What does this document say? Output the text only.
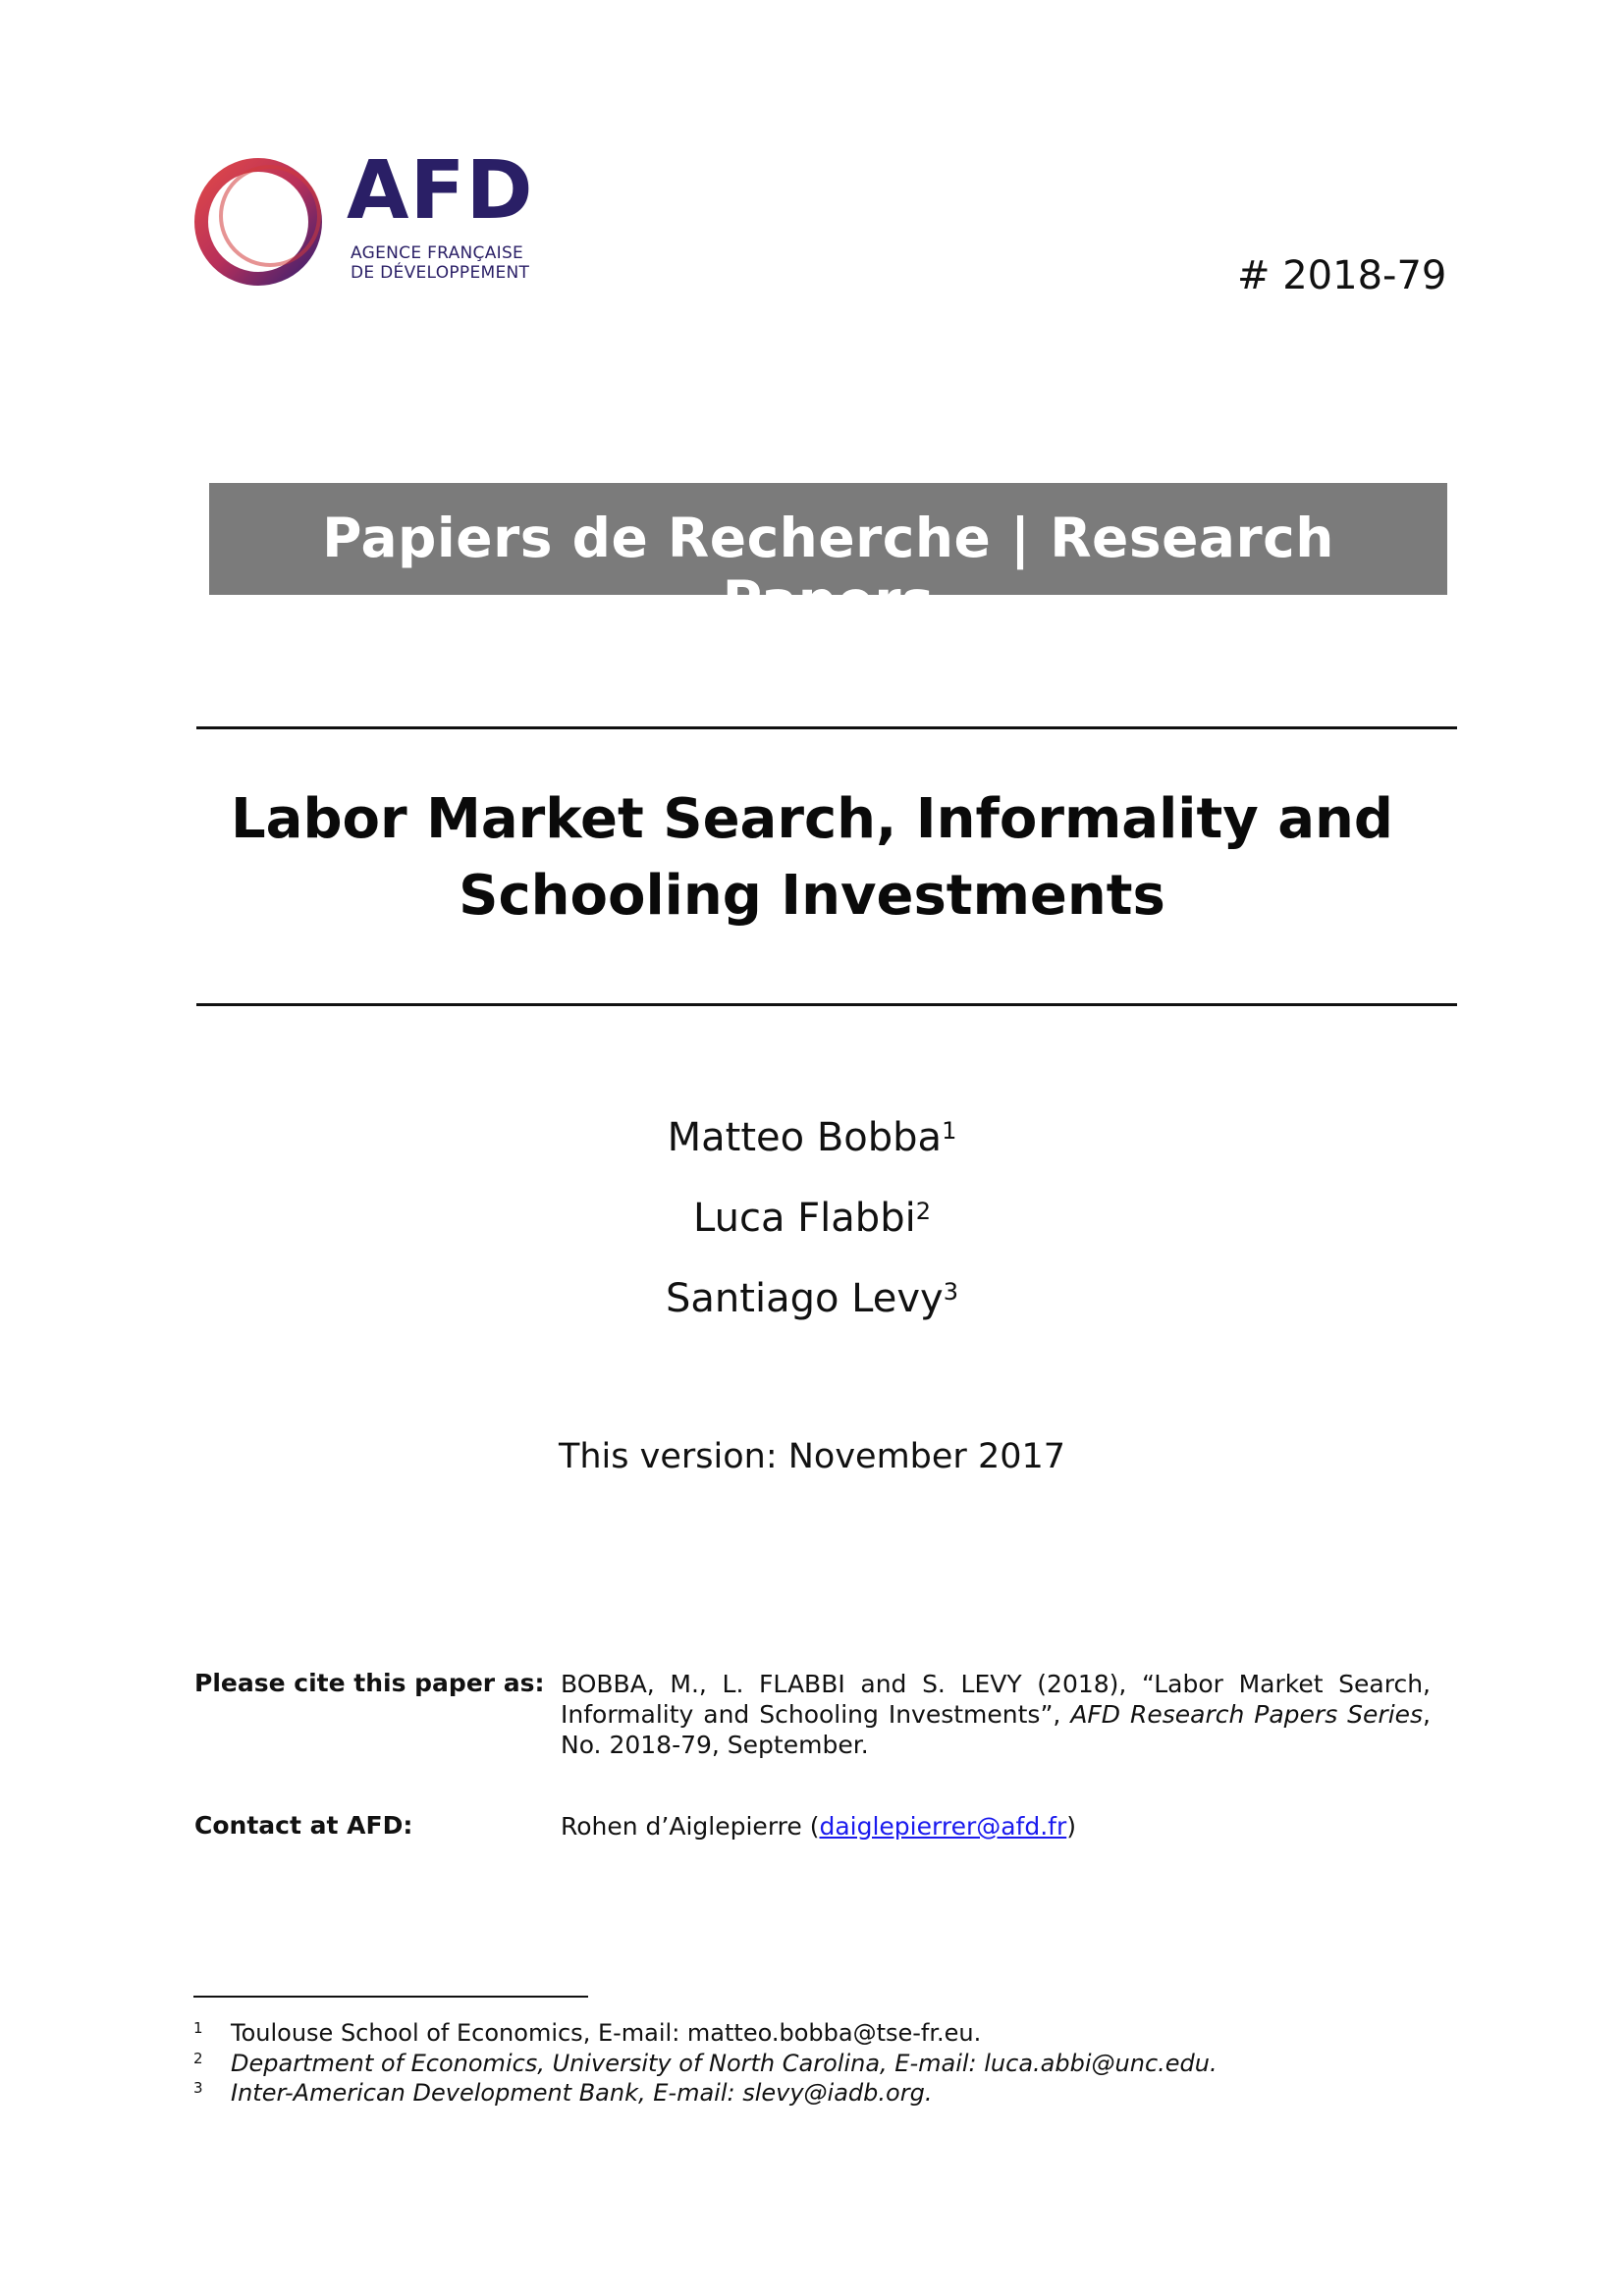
AFD
AGENCE FRANÇAISE
DE DÉVELOPPEMENT	# 2018-79
Papiers de Recherche | Research Papers
Labor Market Search, Informality and
Schooling Investments
Matteo Bobba$^1$
Luca Flabbi$^2$
Santiago Levy$^3$
This version: November 2017
Please cite this paper as: BOBBA, M., L. FLABBI and S. LEVY (2018), “Labor Market Search, Informality and Schooling Investments”, AFD Research Papers Series, No. 2018-79, September.
Contact at AFD:	Rohen d’Aiglepierre (daiglepierrer@afd.fr)
1 Toulouse School of Economics, E-mail: matteo.bobba@tse-fr.eu.
2 Department of Economics, University of North Carolina, E-mail: luca.abbi@unc.edu.
3 Inter-American Development Bank, E-mail: slevy@iadb.org.
